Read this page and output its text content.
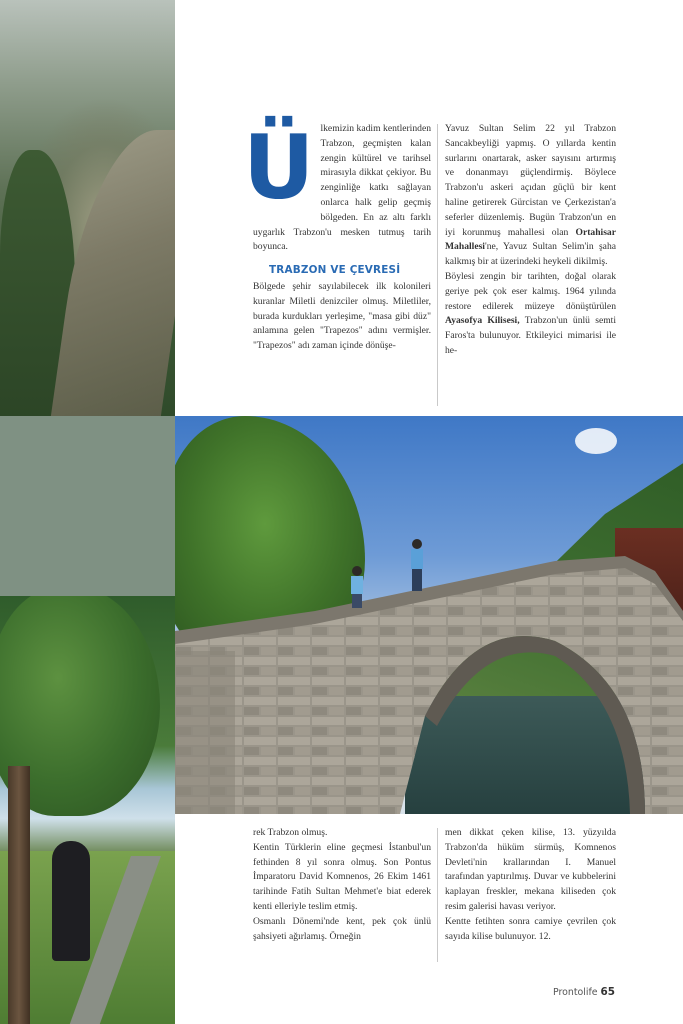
Ü lkemizin kadim kentlerinden Trabzon, geçmişten kalan zengin kültürel ve tarihsel mirasıyla dikkat çekiyor. Bu zenginliğe katkı sağlayan onlarca halk gelip geçmiş bölgeden. En az altı farklı uygarlık Trabzon'u mesken tutmuş tarih boyunca.

TRABZON VE ÇEVRESİ

Bölgede şehir sayılabilecek ilk kolonileri kuranlar Miletli denizciler olmuş. Miletliler, burada kurdukları yerleşime, "masa gibi düz" anlamına gelen "Trapezos" adını vermişler. "Trapezos" adı zaman içinde dönüşe-

Yavuz Sultan Selim 22 yıl Trabzon Sancakbeyliği yapmış. O yıllarda kentin surlarını onartarak, asker sayısını artırmış ve donanmayı güçlendirmiş. Böylece Trabzon'u askeri açıdan güçlü bir kent haline getirerek Gürcistan ve Çerkezistan'a seferler düzenlemiş. Bugün Trabzon'un en iyi korunmuş mahallesi olan Ortahisar Mahallesi'ne, Yavuz Sultan Selim'in şaha kalkmış bir at üzerindeki heykeli dikilmiş.

Böylesi zengin bir tarihten, doğal olarak geriye pek çok eser kalmış. 1964 yılında restore edilerek müzeye dönüştürülen Ayasofya Kilisesi, Trabzon'un ünlü semti Faros'ta bulunuyor. Etkileyici mimarisi ile he-

rek Trabzon olmuş.

Kentin Türklerin eline geçmesi İstanbul'un fethinden 8 yıl sonra olmuş. Son Pontus İmparatoru David Komnenos, 26 Ekim 1461 tarihinde Fatih Sultan Mehmet'e biat ederek kenti elleriyle teslim etmiş.

Osmanlı Dönemi'nde kent, pek çok ünlü şahsiyeti ağırlamış. Örneğin

men dikkat çeken kilise, 13. yüzyılda Trabzon'da hüküm sürmüş, Komnenos Devleti'nin krallarından I. Manuel tarafından yaptırılmış. Duvar ve kubbelerini kaplayan freskler, mekana kiliseden çok resim galerisi havası veriyor.

Kentte fetihten sonra camiye çevrilen çok sayıda kilise bulunuyor. 12.

Prontolife 65
